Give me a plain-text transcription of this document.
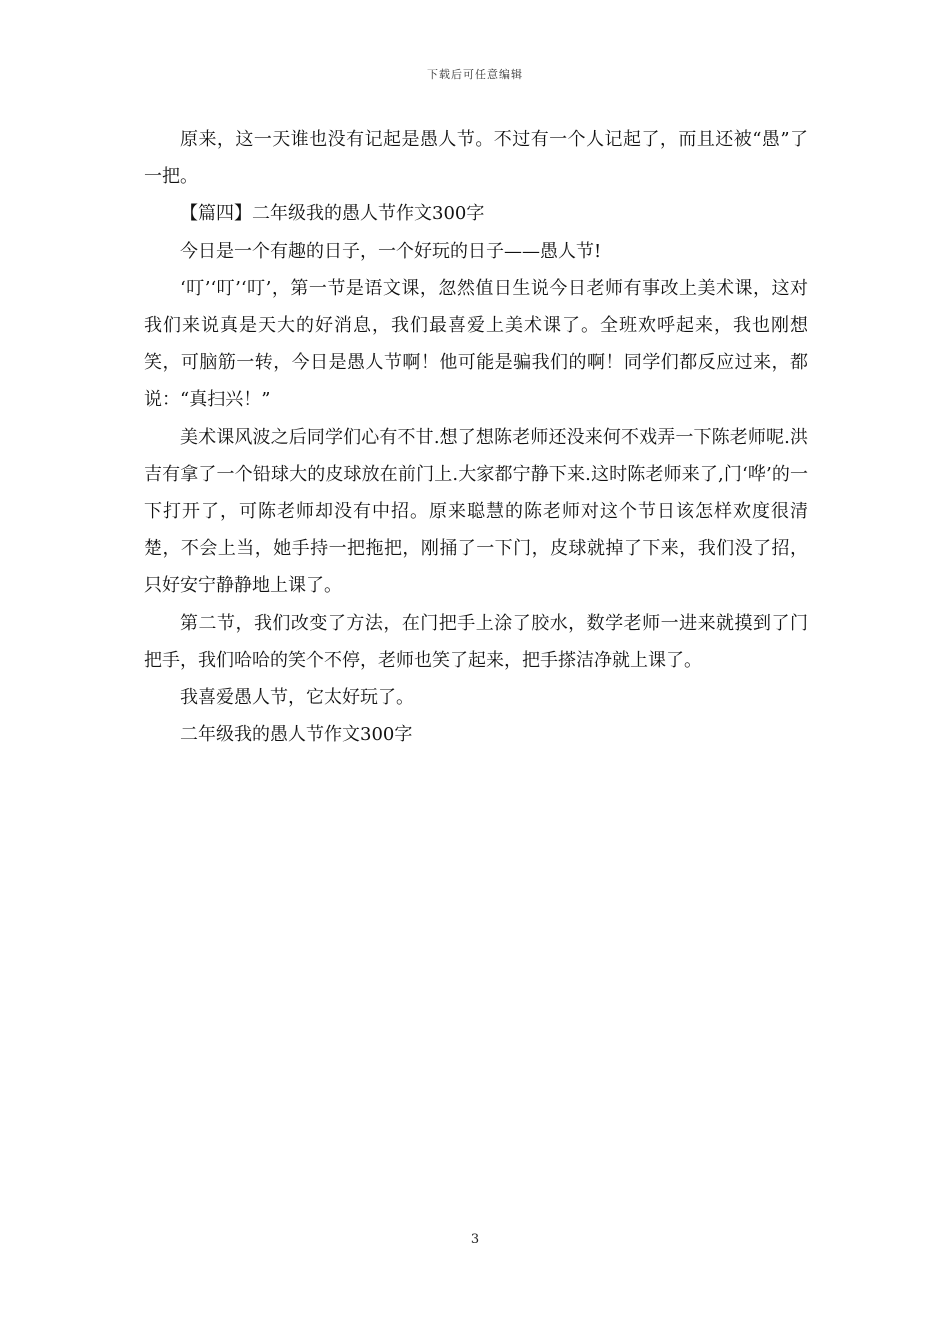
下载后可任意编辑

原来，这一天谁也没有记起是愚人节。不过有一个人记起了，而且还被“愚”了一把。

【篇四】二年级我的愚人节作文300字

今日是一个有趣的日子，一个好玩的日子——愚人节!

‘叮’‘叮’‘叮’，第一节是语文课，忽然值日生说今日老师有事改上美术课，这对我们来说真是天大的好消息，我们最喜爱上美术课了。全班欢呼起来，我也刚想笑，可脑筋一转，今日是愚人节啊！他可能是骗我们的啊！同学们都反应过来，都说：“真扫兴！”

美术课风波之后同学们心有不甘.想了想陈老师还没来何不戏弄一下陈老师呢.洪吉有拿了一个铅球大的皮球放在前门上.大家都宁静下来.这时陈老师来了,门‘哗’的一下打开了，可陈老师却没有中招。原来聪慧的陈老师对这个节日该怎样欢度很清楚，不会上当，她手持一把拖把，刚捅了一下门，皮球就掉了下来，我们没了招，只好安宁静静地上课了。

第二节，我们改变了方法，在门把手上涂了胶水，数学老师一进来就摸到了门把手，我们哈哈的笑个不停，老师也笑了起来，把手搽洁净就上课了。

我喜爱愚人节，它太好玩了。

二年级我的愚人节作文300字

3
